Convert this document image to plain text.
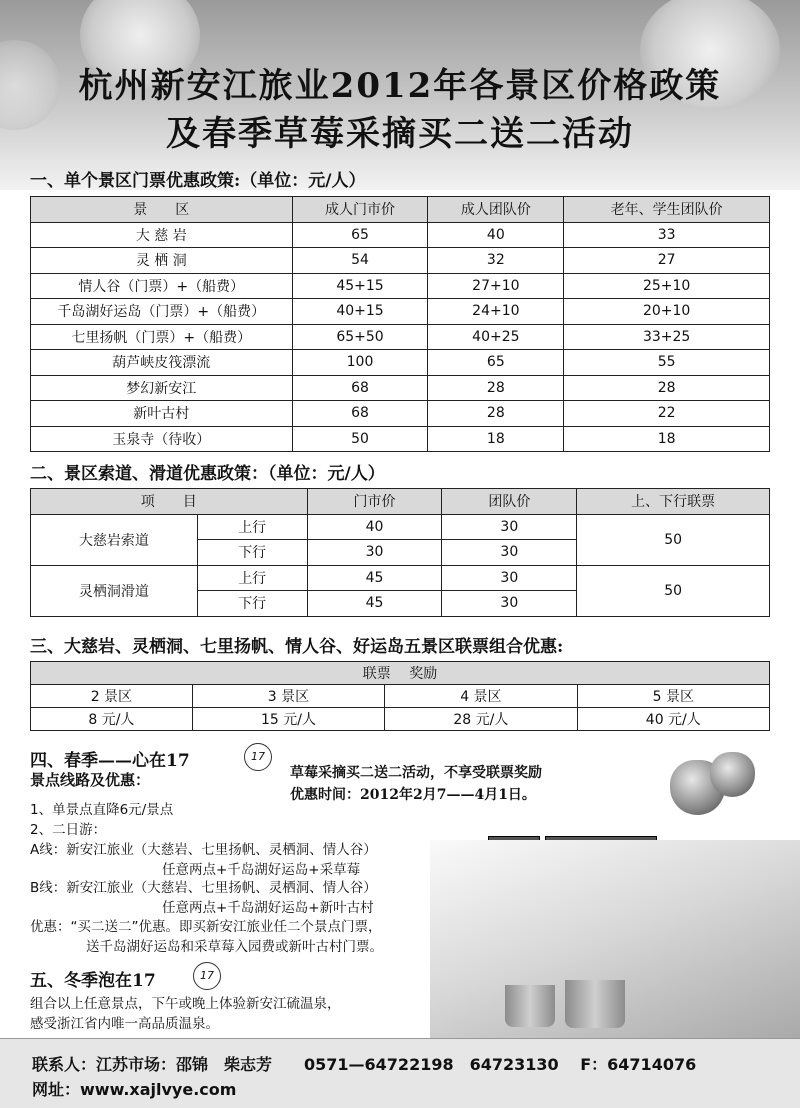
杭州新安江旅业2012年各景区价格政策
及春季草莓采摘买二送二活动
一、单个景区门票优惠政策:（单位：元/人）
景　　区	成人门市价	成人团队价	老年、学生团队价
大 慈 岩	65	40	33
灵 栖 洞	54	32	27
情人谷（门票）+（船费）	45+15	27+10	25+10
千岛湖好运岛（门票）+（船费）	40+15	24+10	20+10
七里扬帆（门票）+（船费）	65+50	40+25	33+25
葫芦峡皮筏漂流	100	65	55
梦幻新安江	68	28	28
新叶古村	68	28	22
玉泉寺（待收）	50	18	18
二、景区索道、滑道优惠政策：（单位：元/人）
项　　目		门市价	团队价	上、下行联票
大慈岩索道	上行	40	30	50
	下行	30	30	
灵栖洞滑道	上行	45	30	50
	下行	45	30	
三、大慈岩、灵栖洞、七里扬帆、情人谷、好运岛五景区联票组合优惠:
联票　 奖励			
2 景区	3 景区	4 景区	5 景区
8 元/人	15 元/人	28 元/人	40 元/人
四、春季——心在17	17
景点线路及优惠：	草莓采摘买二送二活动，不享受联票奖励
优惠时间：2012年2月7——4月1日。
1、单景点直降6元/景点
2、二日游：
A线：新安江旅业（大慈岩、七里扬帆、灵栖洞、情人谷）
任意两点+千岛湖好运岛+采草莓
B线：新安江旅业（大慈岩、七里扬帆、灵栖洞、情人谷）
任意两点+千岛湖好运岛+新叶古村
优惠：“买二送二”优惠。即买新安江旅业任二个景点门票，
送千岛湖好运岛和采草莓入园费或新叶古村门票。
五、冬季泡在17	17
组合以上任意景点，下午或晚上体验新安江硫温泉，
感受浙江省内唯一高品质温泉。
联系人：江苏市场：邵锦　柴志芳　　0571—64722198　64723130　 F：64714076
网址：www.xajlvye.com
